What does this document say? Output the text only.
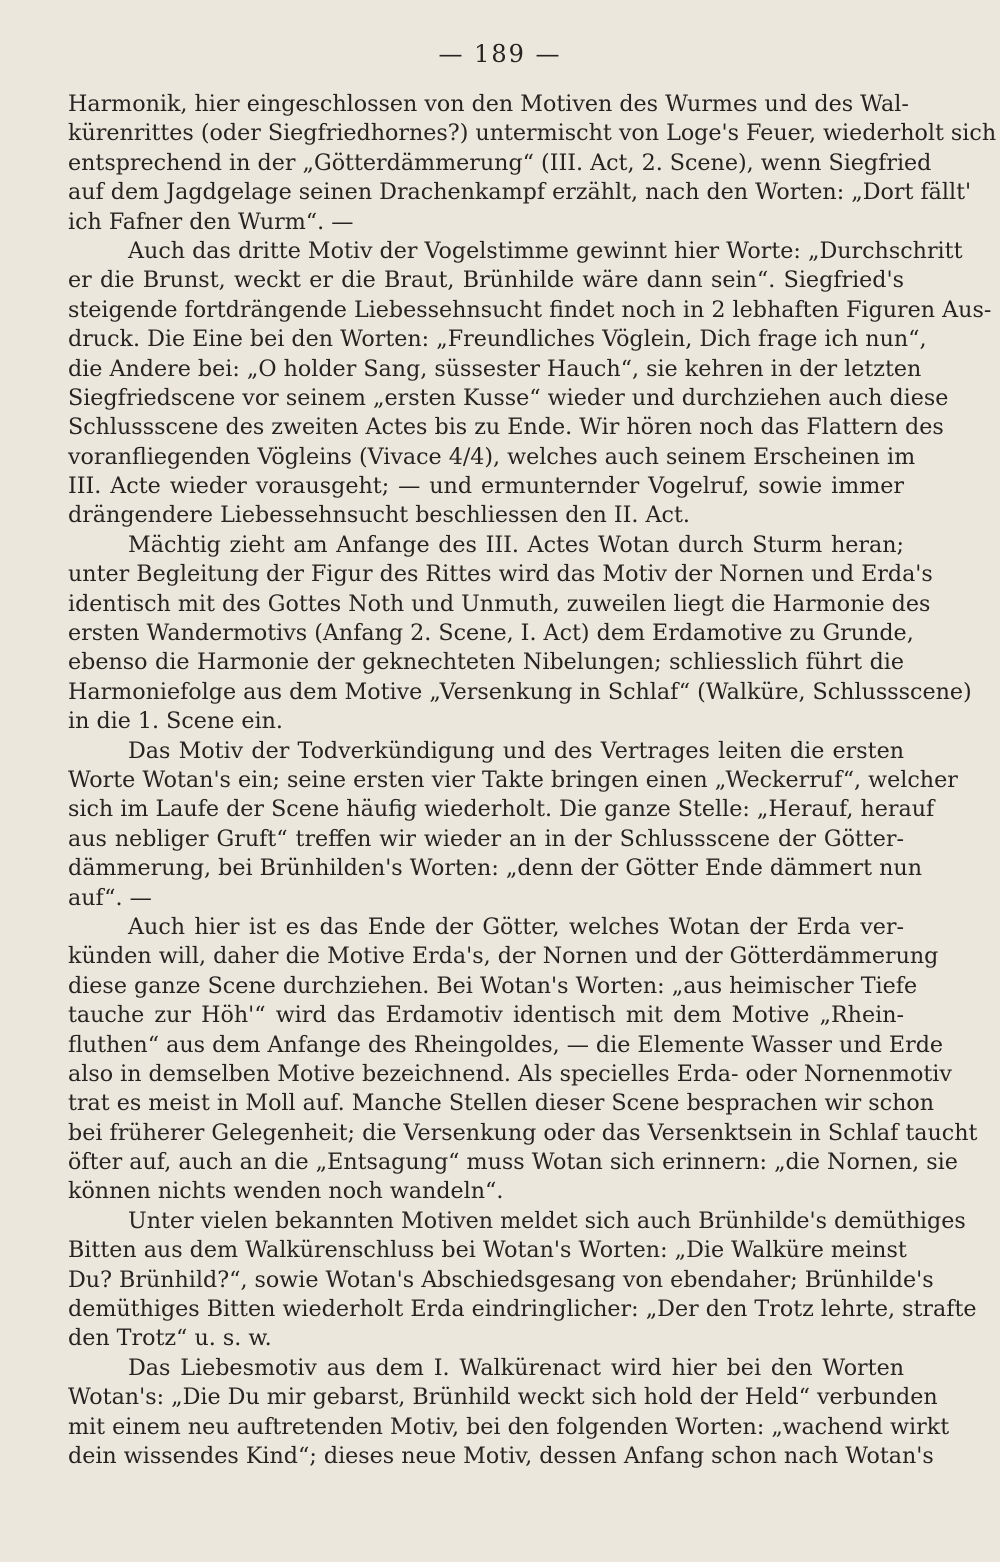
— 189 —
Harmonik, hier eingeschlossen von den Motiven des Wurmes und des Wal-
kürenrittes (oder Siegfriedhornes?) untermischt von Loge's Feuer, wiederholt sich
entsprechend in der „Götterdämmerung“ (III. Act, 2. Scene), wenn Siegfried
auf dem Jagdgelage seinen Drachenkampf erzählt, nach den Worten: „Dort fällt'
ich Fafner den Wurm“. —
Auch das dritte Motiv der Vogelstimme gewinnt hier Worte: „Durchschritt
er die Brunst, weckt er die Braut, Brünhilde wäre dann sein“. Siegfried's
steigende fortdrängende Liebessehnsucht findet noch in 2 lebhaften Figuren Aus-
druck. Die Eine bei den Worten: „Freundliches Vöglein, Dich frage ich nun“,
die Andere bei: „O holder Sang, süssester Hauch“, sie kehren in der letzten
Siegfriedscene vor seinem „ersten Kusse“ wieder und durchziehen auch diese
Schlussscene des zweiten Actes bis zu Ende. Wir hören noch das Flattern des
voranfliegenden Vögleins (Vivace 4/4), welches auch seinem Erscheinen im
III. Acte wieder vorausgeht; — und ermunternder Vogelruf, sowie immer
drängendere Liebessehnsucht beschliessen den II. Act.
Mächtig zieht am Anfange des III. Actes Wotan durch Sturm heran;
unter Begleitung der Figur des Rittes wird das Motiv der Nornen und Erda's
identisch mit des Gottes Noth und Unmuth, zuweilen liegt die Harmonie des
ersten Wandermotivs (Anfang 2. Scene, I. Act) dem Erdamotive zu Grunde,
ebenso die Harmonie der geknechteten Nibelungen; schliesslich führt die
Harmoniefolge aus dem Motive „Versenkung in Schlaf“ (Walküre, Schlussscene)
in die 1. Scene ein.
Das Motiv der Todverkündigung und des Vertrages leiten die ersten
Worte Wotan's ein; seine ersten vier Takte bringen einen „Weckerruf“, welcher
sich im Laufe der Scene häufig wiederholt. Die ganze Stelle: „Herauf, herauf
aus nebliger Gruft“ treffen wir wieder an in der Schlussscene der Götter-
dämmerung, bei Brünhilden's Worten: „denn der Götter Ende dämmert nun
auf“. —
Auch hier ist es das Ende der Götter, welches Wotan der Erda ver-
künden will, daher die Motive Erda's, der Nornen und der Götterdämmerung
diese ganze Scene durchziehen. Bei Wotan's Worten: „aus heimischer Tiefe
tauche zur Höh'“ wird das Erdamotiv identisch mit dem Motive „Rhein-
fluthen“ aus dem Anfange des Rheingoldes, — die Elemente Wasser und Erde
also in demselben Motive bezeichnend. Als specielles Erda- oder Nornenmotiv
trat es meist in Moll auf. Manche Stellen dieser Scene besprachen wir schon
bei früherer Gelegenheit; die Versenkung oder das Versenktsein in Schlaf taucht
öfter auf, auch an die „Entsagung“ muss Wotan sich erinnern: „die Nornen, sie
können nichts wenden noch wandeln“.
Unter vielen bekannten Motiven meldet sich auch Brünhilde's demüthiges
Bitten aus dem Walkürenschluss bei Wotan's Worten: „Die Walküre meinst
Du? Brünhild?“, sowie Wotan's Abschiedsgesang von ebendaher; Brünhilde's
demüthiges Bitten wiederholt Erda eindringlicher: „Der den Trotz lehrte, strafte
den Trotz“ u. s. w.
Das Liebesmotiv aus dem I. Walkürenact wird hier bei den Worten
Wotan's: „Die Du mir gebarst, Brünhild weckt sich hold der Held“ verbunden
mit einem neu auftretenden Motiv, bei den folgenden Worten: „wachend wirkt
dein wissendes Kind“; dieses neue Motiv, dessen Anfang schon nach Wotan's
